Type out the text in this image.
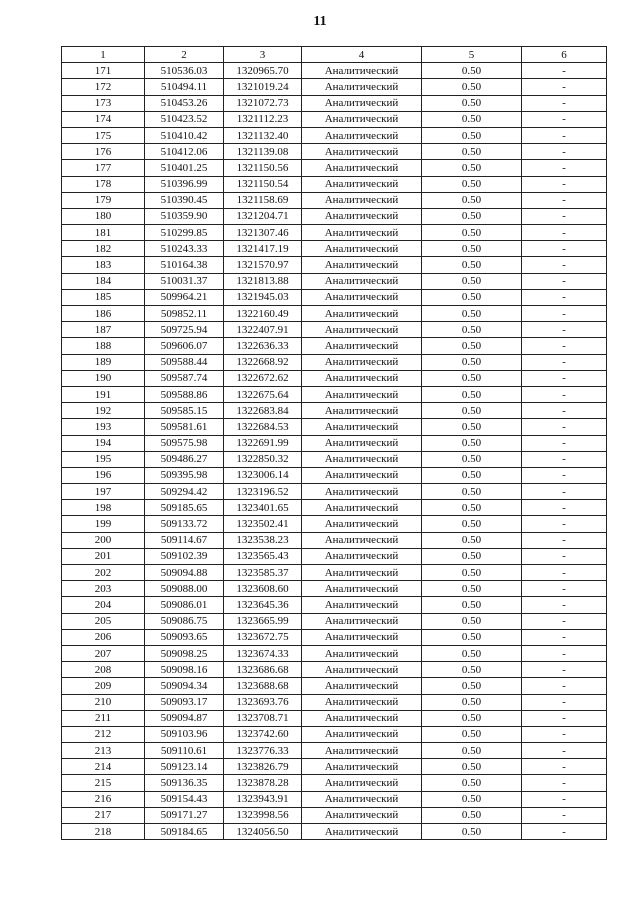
11
1	2	3	4	5	6
171	510536.03	1320965.70	Аналитический	0.50	-
172	510494.11	1321019.24	Аналитический	0.50	-
173	510453.26	1321072.73	Аналитический	0.50	-
174	510423.52	1321112.23	Аналитический	0.50	-
175	510410.42	1321132.40	Аналитический	0.50	-
176	510412.06	1321139.08	Аналитический	0.50	-
177	510401.25	1321150.56	Аналитический	0.50	-
178	510396.99	1321150.54	Аналитический	0.50	-
179	510390.45	1321158.69	Аналитический	0.50	-
180	510359.90	1321204.71	Аналитический	0.50	-
181	510299.85	1321307.46	Аналитический	0.50	-
182	510243.33	1321417.19	Аналитический	0.50	-
183	510164.38	1321570.97	Аналитический	0.50	-
184	510031.37	1321813.88	Аналитический	0.50	-
185	509964.21	1321945.03	Аналитический	0.50	-
186	509852.11	1322160.49	Аналитический	0.50	-
187	509725.94	1322407.91	Аналитический	0.50	-
188	509606.07	1322636.33	Аналитический	0.50	-
189	509588.44	1322668.92	Аналитический	0.50	-
190	509587.74	1322672.62	Аналитический	0.50	-
191	509588.86	1322675.64	Аналитический	0.50	-
192	509585.15	1322683.84	Аналитический	0.50	-
193	509581.61	1322684.53	Аналитический	0.50	-
194	509575.98	1322691.99	Аналитический	0.50	-
195	509486.27	1322850.32	Аналитический	0.50	-
196	509395.98	1323006.14	Аналитический	0.50	-
197	509294.42	1323196.52	Аналитический	0.50	-
198	509185.65	1323401.65	Аналитический	0.50	-
199	509133.72	1323502.41	Аналитический	0.50	-
200	509114.67	1323538.23	Аналитический	0.50	-
201	509102.39	1323565.43	Аналитический	0.50	-
202	509094.88	1323585.37	Аналитический	0.50	-
203	509088.00	1323608.60	Аналитический	0.50	-
204	509086.01	1323645.36	Аналитический	0.50	-
205	509086.75	1323665.99	Аналитический	0.50	-
206	509093.65	1323672.75	Аналитический	0.50	-
207	509098.25	1323674.33	Аналитический	0.50	-
208	509098.16	1323686.68	Аналитический	0.50	-
209	509094.34	1323688.68	Аналитический	0.50	-
210	509093.17	1323693.76	Аналитический	0.50	-
211	509094.87	1323708.71	Аналитический	0.50	-
212	509103.96	1323742.60	Аналитический	0.50	-
213	509110.61	1323776.33	Аналитический	0.50	-
214	509123.14	1323826.79	Аналитический	0.50	-
215	509136.35	1323878.28	Аналитический	0.50	-
216	509154.43	1323943.91	Аналитический	0.50	-
217	509171.27	1323998.56	Аналитический	0.50	-
218	509184.65	1324056.50	Аналитический	0.50	-
